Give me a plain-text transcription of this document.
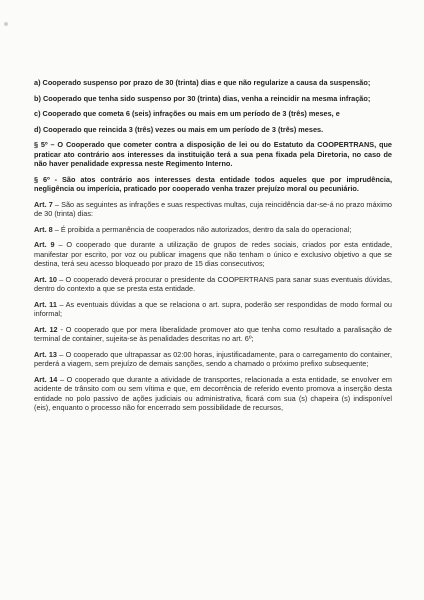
a) Cooperado suspenso por prazo de 30 (trinta) dias e que não regularize a causa da suspensão;

b) Cooperado que tenha sido suspenso por 30 (trinta) dias, venha a reincidir na mesma infração;

c) Cooperado que cometa 6 (seis) infrações ou mais em um período de 3 (três) meses, e

d) Cooperado que reincida 3 (três) vezes ou mais em um período de 3 (três) meses.

§ 5º – O Cooperado que cometer contra a disposição de lei ou do Estatuto da COOPERTRANS, que praticar ato contrário aos interesses da instituição terá a sua pena fixada pela Diretoria, no caso de não haver penalidade expressa neste Regimento Interno.

§ 6º - São atos contrário aos interesses desta entidade todos aqueles que por imprudência, negligência ou imperícia, praticado por cooperado venha trazer prejuízo moral ou pecuniário.

Art. 7 – São as seguintes as infrações e suas respectivas multas, cuja reincidência dar-se-á no prazo máximo de 30 (trinta) dias:

Art. 8 – É proibida a permanência de cooperados não autorizados, dentro da sala do operacional;

Art. 9 – O cooperado que durante a utilização de grupos de redes sociais, criados por esta entidade, manifestar por escrito, por voz ou publicar imagens que não tenham o único e exclusivo objetivo a que se destina, terá seu acesso bloqueado por prazo de 15 dias consecutivos;

Art. 10 – O cooperado deverá procurar o presidente da COOPERTRANS para sanar suas eventuais dúvidas, dentro do contexto a que se presta esta entidade.

Art. 11 – As eventuais dúvidas a que se relaciona o art. supra, poderão ser respondidas de modo formal ou informal;

Art. 12 - O cooperado que por mera liberalidade promover ato que tenha como resultado a paralisação de terminal de container, sujeita-se às penalidades descritas no art. 6º;

Art. 13 – O cooperado que ultrapassar as 02:00 horas, injustificadamente, para o carregamento do container, perderá a viagem, sem prejuízo de demais sanções, sendo a chamado o próximo prefixo subsequente;

Art. 14 – O cooperado que durante a atividade de transportes, relacionada a esta entidade, se envolver em acidente de trânsito com ou sem vítima e que, em decorrência de referido evento promova a inserção desta entidade no polo passivo de ações judiciais ou administrativa, ficará com sua (s) chapeira (s) indisponível (eis), enquanto o processo não for encerrado sem possibilidade de recursos,
